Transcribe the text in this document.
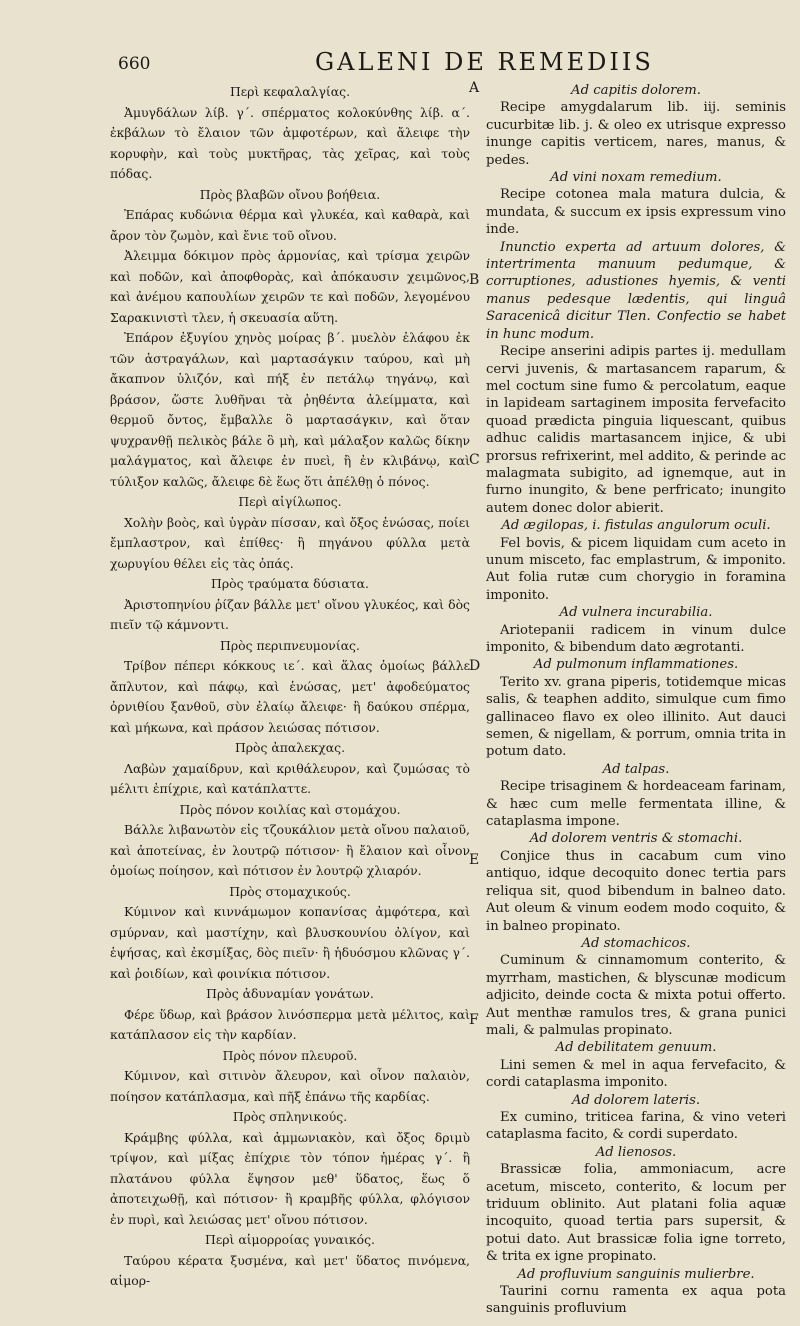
660	GALENI DE REMEDIIS
Περὶ κεφαλαλγίας.
Ἀμυγδάλων λίβ. γ΄. σπέρματος κολοκύνθης λίβ. α΄. ἐκβάλων τὸ ἔλαιον τῶν ἀμφοτέρων, καὶ ἄλειφε τὴν κορυφὴν, καὶ τοὺς μυκτῆρας, τὰς χεῖρας, καὶ τοὺς πόδας.
Πρὸς βλαβῶν οἴνου βοήθεια.
Ἐπάρας κυδώνια θέρμα καὶ γλυκέα, καὶ καθαρὰ, καὶ ἄρον τὸν ζωμὸν, καὶ ἔνιε τοῦ οἴνου.
Ἀλειμμα δόκιμον πρὸς ἁρμονίας, καὶ τρίσμα χειρῶν καὶ ποδῶν, καὶ ἀποφθορὰς, καὶ ἀπόκαυσιν χειμῶνος, καὶ ἀνέμου καπουλίων χειρῶν τε καὶ ποδῶν, λεγομένου Σαρακινιστὶ τλεν, ἡ σκευασία αὕτη.
Ἐπάρον ἐξυγίου χηνὸς μοίρας β΄. μυελὸν ἐλάφου ἐκ τῶν ἀστραγάλων, καὶ μαρτασάγκιν ταύρου, καὶ μὴ ἄκαπνον ὑλιζόν, καὶ πήξ ἐν πετάλῳ τηγάνῳ, καὶ βράσον, ὥστε λυθῆναι τὰ ῥηθέντα ἀλείμματα, καὶ θερμοῦ ὄντος, ἔμβαλλε ὃ μαρτασάγκιν, καὶ ὅταν ψυχρανθῇ πελικὸς βάλε ὃ μὴ, καὶ μάλαξον καλῶς δίκην μαλάγματος, καὶ ἄλειφε ἐν πυεὶ, ἢ ἐν κλιβάνῳ, καὶ τύλιξον καλῶς, ἄλειφε δὲ ἕως ὅτι ἀπέλθῃ ὁ πόνος.
Περὶ αἰγίλωπος.
Χολὴν βοὸς, καὶ ὑγρὰν πίσσαν, καὶ ὄξος ἑνώσας, ποίει ἔμπλαστρον, καὶ ἐπίθες· ἢ πηγάνου φύλλα μετὰ χωρυγίου θέλει εἰς τὰς ὀπάς.
Πρὸς τραύματα δύσιατα.
Ἀριστοπηνίου ῥίζαν βάλλε μετ' οἴνου γλυκέος, καὶ δὸς πιεῖν τῷ κάμνοντι.
Πρὸς περιπνευμονίας.
Τρίβον πέπερι κόκκους ιε΄. καὶ ἅλας ὁμοίως βάλλε ἄπλυτον, καὶ πάφῳ, καὶ ἑνώσας, μετ' ἀφοδεύματος ὀρνιθίου ξανθοῦ, σὺν ἐλαίῳ ἄλειφε· ἢ δαύκου σπέρμα, καὶ μήκωνα, καὶ πράσον λειώσας πότισον.
Πρὸς ἀπαλεκχας.
Λαβὼν χαμαίδρυν, καὶ κριθάλευρον, καὶ ζυμώσας τὸ μέλιτι ἐπίχριε, καὶ κατάπλαττε.
Πρὸς πόνον κοιλίας καὶ στομάχου.
Βάλλε λιβανωτὸν εἰς τζουκάλιον μετὰ οἴνου παλαιοῦ, καὶ ἀποτείνας, ἐν λουτρῷ πότισον· ἢ ἔλαιον καὶ οἶνον ὁμοίως ποίησον, καὶ πότισον ἐν λουτρῷ χλιαρόν.
Πρὸς στομαχικούς.
Κύμινον καὶ κιννάμωμον κοπανίσας ἀμφότερα, καὶ σμύρναν, καὶ μαστίχην, καὶ βλυσκουνίου ὀλίγον, καὶ ἑψήσας, καὶ ἐκσμίξας, δὸς πιεῖν· ἢ ἡδυόσμου κλῶνας γ΄. καὶ ῥοιδίων, καὶ φοινίκια πότισον.
Πρὸς ἀδυναμίαν γονάτων.
Φέρε ὕδωρ, καὶ βράσον λινόσπερμα μετὰ μέλιτος, καὶ κατάπλασον εἰς τὴν καρδίαν.
Πρὸς πόνον πλευροῦ.
Κύμινον, καὶ σιτινὸν ἄλευρον, καὶ οἶνον παλαιὸν, ποίησον κατάπλασμα, καὶ πῆξ ἐπάνω τῆς καρδίας.
Πρὸς σπληνικούς.
Κράμβης φύλλα, καὶ ἀμμωνιακὸν, καὶ ὄξος δριμὺ τρίψον, καὶ μίξας ἐπίχριε τὸν τόπον ἡμέρας γ΄. ἢ πλατάνου φύλλα ἕψησον μεθ' ὕδατος, ἕως ὅ ἀποτειχωθῇ, καὶ πότισον· ἢ κραμβῆς φύλλα, φλόγισον ἐν πυρὶ, καὶ λειώσας μετ' οἴνου πότισον.
Περὶ αἱμορροίας γυναικός.
Ταύρου κέρατα ξυσμένα, καὶ μετ' ὕδατος πινόμενα, αἱμορ-
A
B
C
D
E
F
Ad capitis dolorem.
Recipe amygdalarum lib. iij. seminis cucurbitæ lib. j. & oleo ex utrisque expresso inunge capitis verticem, nares, manus, & pedes.
Ad vini noxam remedium.
Recipe cotonea mala matura dulcia, & mundata, & succum ex ipsis expressum vino inde.
Inunctio experta ad artuum dolores, & intertrimenta manuum pedumque, & corruptiones, adustiones hyemis, & venti manus pedesque lædentis, qui linguâ Saracenicâ dicitur Tlen. Confectio se habet in hunc modum.
Recipe anserini adipis partes ij. medullam cervi juvenis, & martasancem raparum, & mel coctum sine fumo & percolatum, eaque in lapideam sartaginem imposita fervefacito quoad prædicta pinguia liquescant, quibus adhuc calidis martasancem injice, & ubi prorsus refrixerint, mel addito, & perinde ac malagmata subigito, ad ignemque, aut in furno inungito, & bene perfricato; inungito autem donec dolor abierit.
Ad ægilopas, i. fistulas angulorum oculi.
Fel bovis, & picem liquidam cum aceto in unum misceto, fac emplastrum, & imponito. Aut folia rutæ cum chorygio in foramina imponito.
Ad vulnera incurabilia.
Ariotepanii radicem in vinum dulce imponito, & bibendum dato ægrotanti.
Ad pulmonum inflammationes.
Terito xv. grana piperis, totidemque micas salis, & teaphen addito, simulque cum fimo gallinaceo flavo ex oleo illinito. Aut dauci semen, & nigellam, & porrum, omnia trita in potum dato.
Ad talpas.
Recipe trisaginem & hordeaceam farinam, & hæc cum melle fermentata illine, & cataplasma impone.
Ad dolorem ventris & stomachi.
Conjice thus in cacabum cum vino antiquo, idque decoquito donec tertia pars reliqua sit, quod bibendum in balneo dato. Aut oleum & vinum eodem modo coquito, & in balneo propinato.
Ad stomachicos.
Cuminum & cinnamomum conterito, & myrrham, mastichen, & blyscunæ modicum adjicito, deinde cocta & mixta potui offerto. Aut menthæ ramulos tres, & grana punici mali, & palmulas propinato.
Ad debilitatem genuum.
Lini semen & mel in aqua fervefacito, & cordi cataplasma imponito.
Ad dolorem lateris.
Ex cumino, triticea farina, & vino veteri cataplasma facito, & cordi superdato.
Ad lienosos.
Brassicæ folia, ammoniacum, acre acetum, misceto, conterito, & locum per triduum oblinito. Aut platani folia aquæ incoquito, quoad tertia pars supersit, & potui dato. Aut brassicæ folia igne torreto, & trita ex igne propinato.
Ad profluvium sanguinis mulierbre.
Taurini cornu ramenta ex aqua pota sanguinis profluvium
